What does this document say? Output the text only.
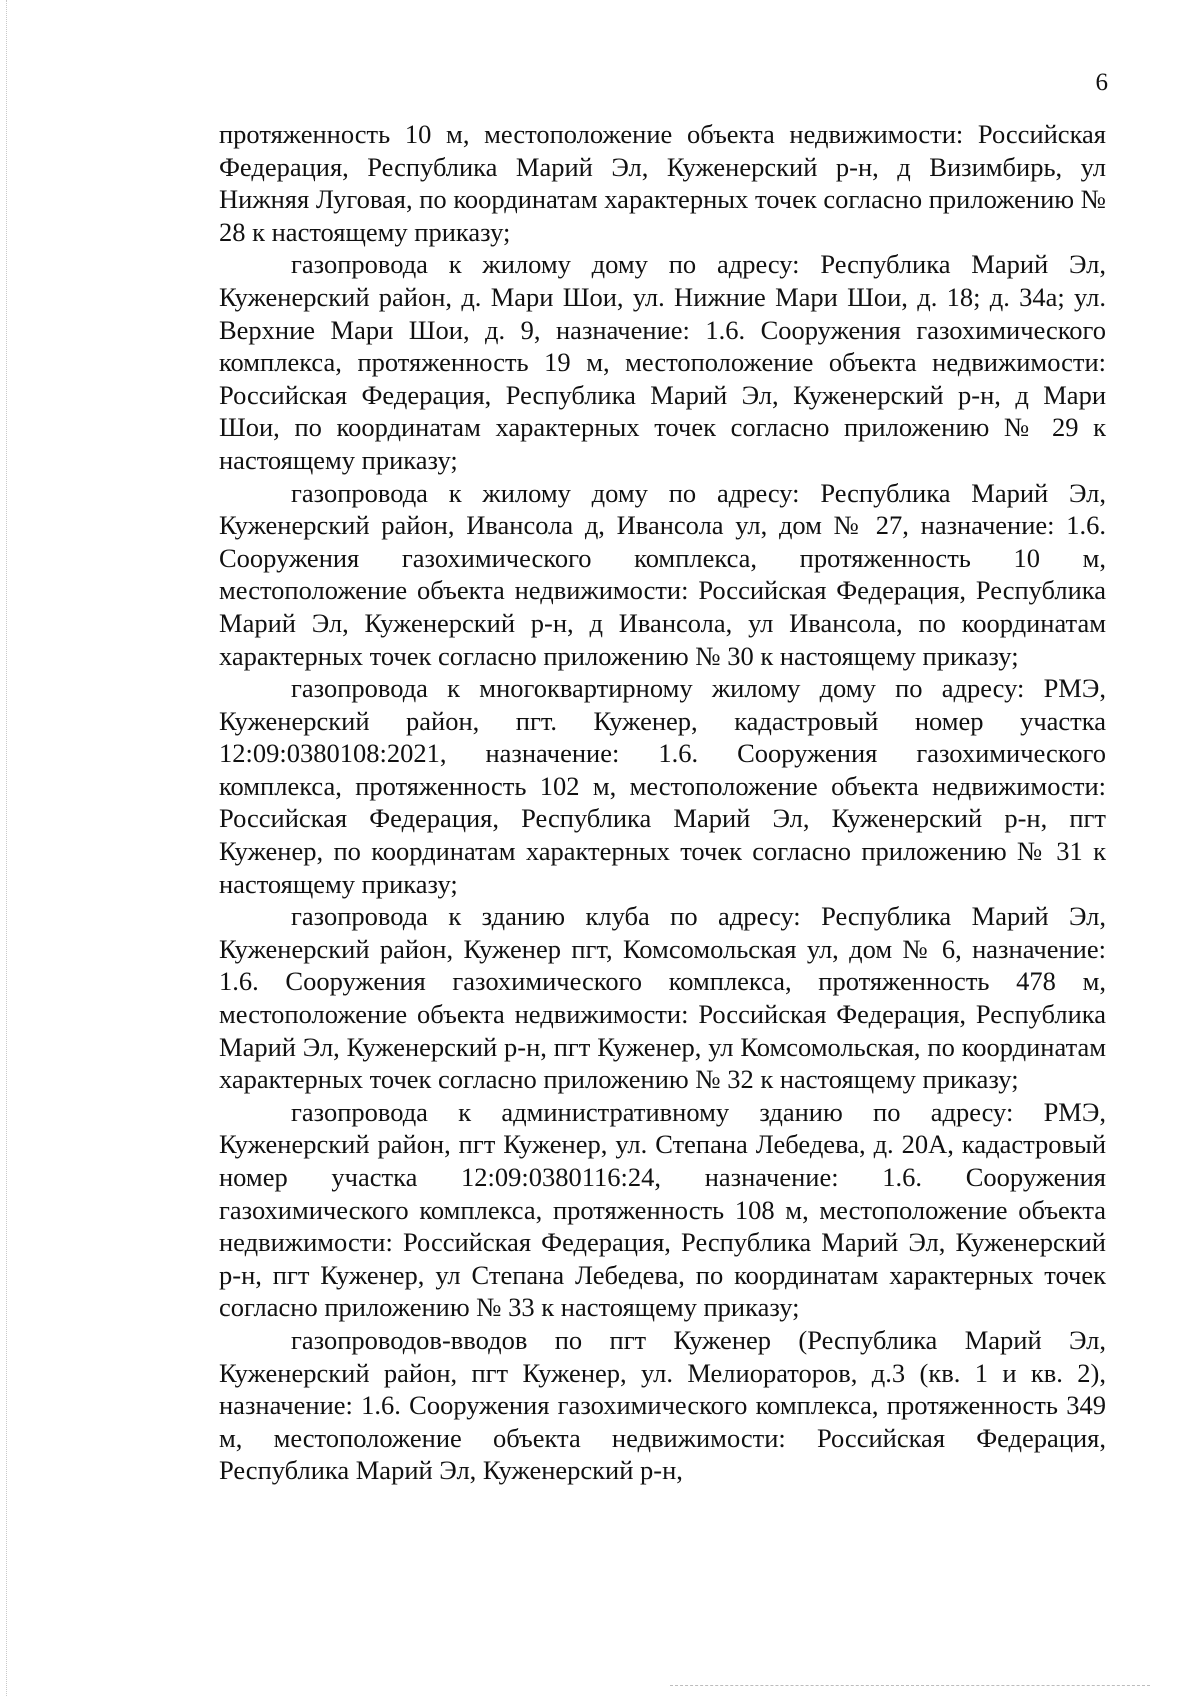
6

протяженность 10 м, местоположение объекта недвижимости: Российская Федерация, Республика Марий Эл, Куженерский р-н, д Визимбирь, ул Нижняя Луговая, по координатам характерных точек согласно приложению № 28 к настоящему приказу;

газопровода к жилому дому по адресу: Республика Марий Эл, Куженерский район, д. Мари Шои, ул. Нижние Мари Шои, д. 18; д. 34а; ул. Верхние Мари Шои, д. 9, назначение: 1.6. Сооружения газохимического комплекса, протяженность 19 м, местоположение объекта недвижимости: Российская Федерация, Республика Марий Эл, Куженерский р-н, д Мари Шои, по координатам характерных точек согласно приложению № 29 к настоящему приказу;

газопровода к жилому дому по адресу: Республика Марий Эл, Куженерский район, Ивансола д, Ивансола ул, дом № 27, назначение: 1.6. Сооружения газохимического комплекса, протяженность 10 м, местоположение объекта недвижимости: Российская Федерация, Республика Марий Эл, Куженерский р-н, д Ивансола, ул Ивансола, по координатам характерных точек согласно приложению № 30 к настоящему приказу;

газопровода к многоквартирному жилому дому по адресу: РМЭ, Куженерский район, пгт. Куженер, кадастровый номер участка 12:09:0380108:2021, назначение: 1.6. Сооружения газохимического комплекса, протяженность 102 м, местоположение объекта недвижимости: Российская Федерация, Республика Марий Эл, Куженерский р-н, пгт Куженер, по координатам характерных точек согласно приложению № 31 к настоящему приказу;

газопровода к зданию клуба по адресу: Республика Марий Эл, Куженерский район, Куженер пгт, Комсомольская ул, дом № 6, назначение: 1.6. Сооружения газохимического комплекса, протяженность 478 м, местоположение объекта недвижимости: Российская Федерация, Республика Марий Эл, Куженерский р-н, пгт Куженер, ул Комсомольская, по координатам характерных точек согласно приложению № 32 к настоящему приказу;

газопровода к административному зданию по адресу: РМЭ, Куженерский район, пгт Куженер, ул. Степана Лебедева, д. 20А, кадастровый номер участка 12:09:0380116:24, назначение: 1.6. Сооружения газохимического комплекса, протяженность 108 м, местоположение объекта недвижимости: Российская Федерация, Республика Марий Эл, Куженерский р-н, пгт Куженер, ул Степана Лебедева, по координатам характерных точек согласно приложению № 33 к настоящему приказу;

газопроводов-вводов по пгт Куженер (Республика Марий Эл, Куженерский район, пгт Куженер, ул. Мелиораторов, д.3 (кв. 1 и кв. 2), назначение: 1.6. Сооружения газохимического комплекса, протяженность 349 м, местоположение объекта недвижимости: Российская Федерация, Республика Марий Эл, Куженерский р-н,
